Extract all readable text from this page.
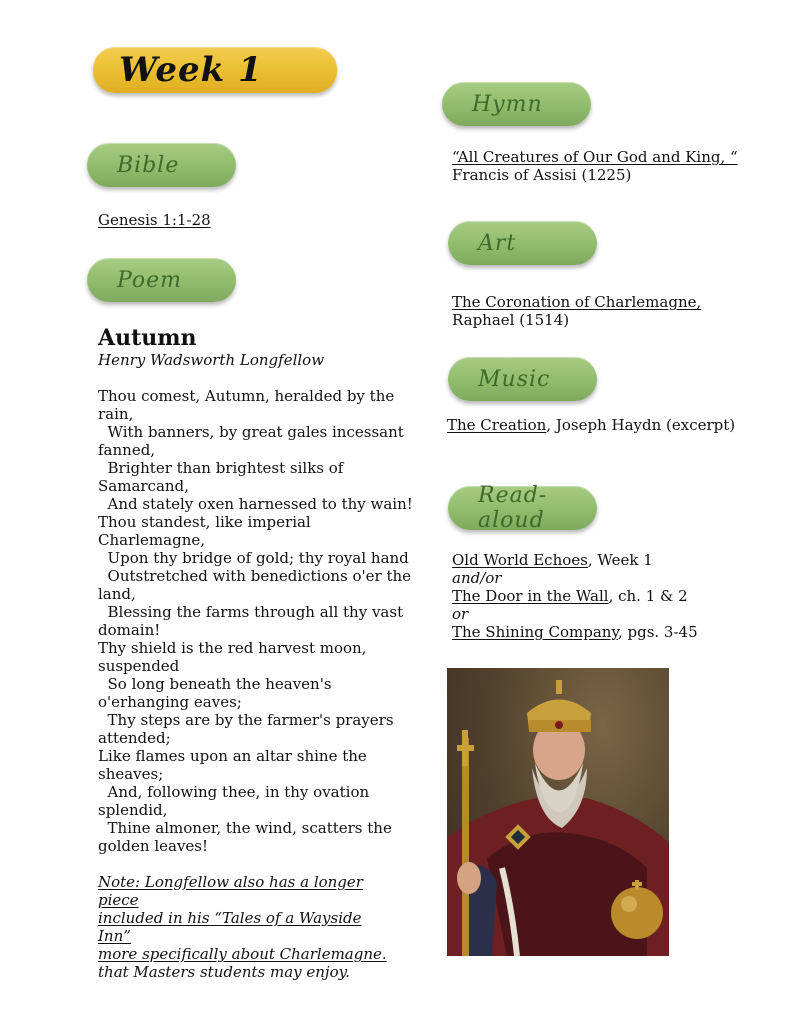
Week 1
Bible
Genesis 1:1-28
Poem
Autumn
Henry Wadsworth Longfellow
Thou comest, Autumn, heralded by the
rain,
With banners, by great gales incessant
fanned,
Brighter than brightest silks of
Samarcand,
And stately oxen harnessed to thy wain!
Thou standest, like imperial
Charlemagne,
Upon thy bridge of gold; thy royal hand
Outstretched with benedictions o'er the
land,
Blessing the farms through all thy vast
domain!
Thy shield is the red harvest moon,
suspended
So long beneath the heaven's
o'erhanging eaves;
Thy steps are by the farmer's prayers
attended;
Like flames upon an altar shine the
sheaves;
And, following thee, in thy ovation
splendid,
Thine almoner, the wind, scatters the
golden leaves!
Note: Longfellow also has a longer piece
included in his “Tales of a Wayside Inn”
more specifically about Charlemagne.
that Masters students may enjoy.
Hymn
“All Creatures of Our God and King, “
Francis of Assisi (1225)
Art
The Coronation of Charlemagne,
Raphael (1514)
Music
The Creation, Joseph Haydn (excerpt)
Read-aloud
Old World Echoes, Week 1
and/or
The Door in the Wall, ch. 1 & 2
or
The Shining Company, pgs. 3-45
